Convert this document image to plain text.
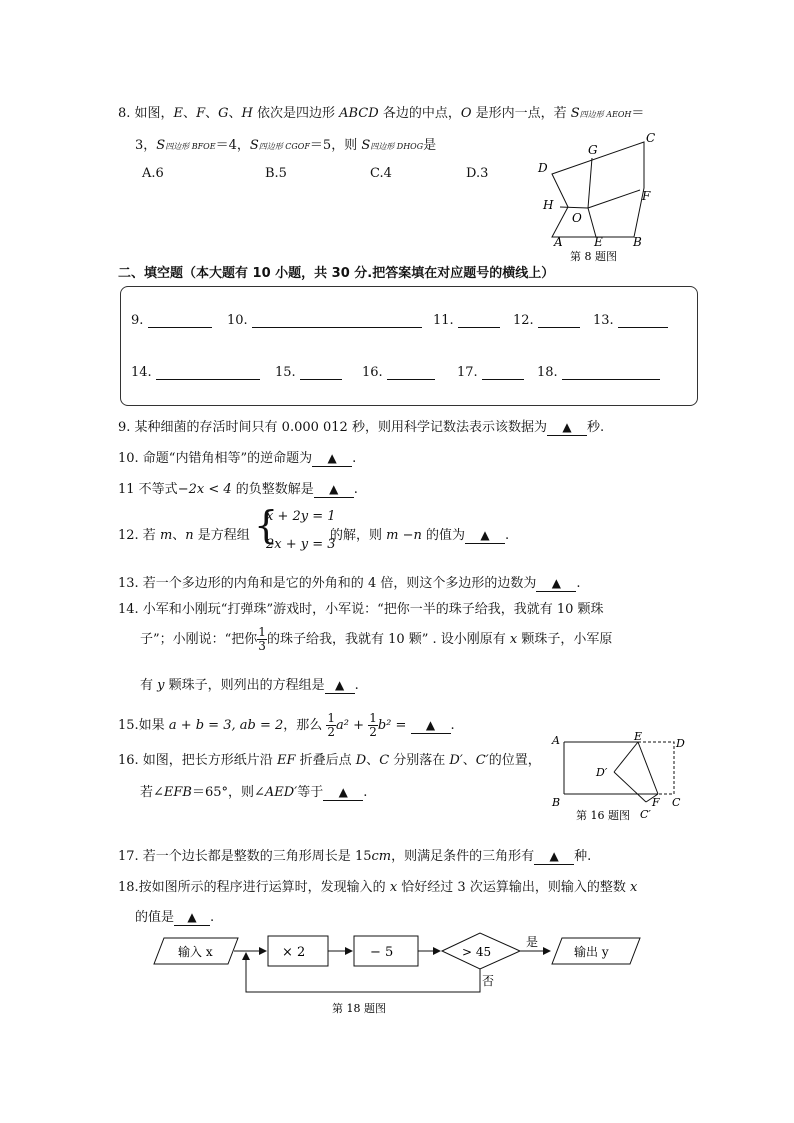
8. 如图，E、F、G、H 依次是四边形 ABCD 各边的中点，O 是形内一点，若 S四边形 AEOH＝
3，S四边形 BFOE＝4，S四边形 CGOF＝5，则 S四边形 DHOG是
A.6	B.5	C.4	D.3	D
G
C
F
H
O
A	E	B
第 8 题图
二、填空题（本大题有 10 小题，共 30 分.把答案填在对应题号的横线上）
9.	10.	11.	12.	13.
14.	15.	16.	17.	18.
9. 某种细菌的存活时间只有 0.000 012 秒，则用科学记数法表示该数据为 ▲ 秒.
10. 命题“内错角相等”的逆命题为 ▲ .
11 不等式−2x < 4 的负整数解是 ▲ .
12. 若 m、n 是方程组 {
x + 2y = 1
2x + y = 3
的解，则 m −n 的值为 ▲ .
13. 若一个多边形的内角和是它的外角和的 4 倍，则这个多边形的边数为 ▲ .
14. 小军和小刚玩“打弹珠”游戏时，小军说：“把你一半的珠子给我，我就有 10 颗珠
子”；小刚说：“把你 $\frac{1}{3}$ 的珠子给我，我就有 10 颗” . 设小刚原有 x 颗珠子，小军原
有 y 颗珠子，则列出的方程组是 ▲ .
15.如果 a + b = 3, ab = 2，那么 $\frac{1}{2} a^2 + \frac{1}{2} b^2$ = ▲ .
16. 如图，把长方形纸片沿 EF 折叠后点 D、C 分别落在 D′、C′的位置，
若∠EFB＝65°，则∠AED′等于 ▲ .
A	E
D
D′
B	F C
C′
第 16 题图
17. 若一个边长都是整数的三角形周长是 15cm，则满足条件的三角形有 ▲ 种.
18.按如图所示的程序进行运算时，发现输入的 x 恰好经过 3 次运算输出，则输入的整数 x
的值是 ▲ .
输入 x	× 2	− 5	> 45
是
输出 y
否
第 18 题图
